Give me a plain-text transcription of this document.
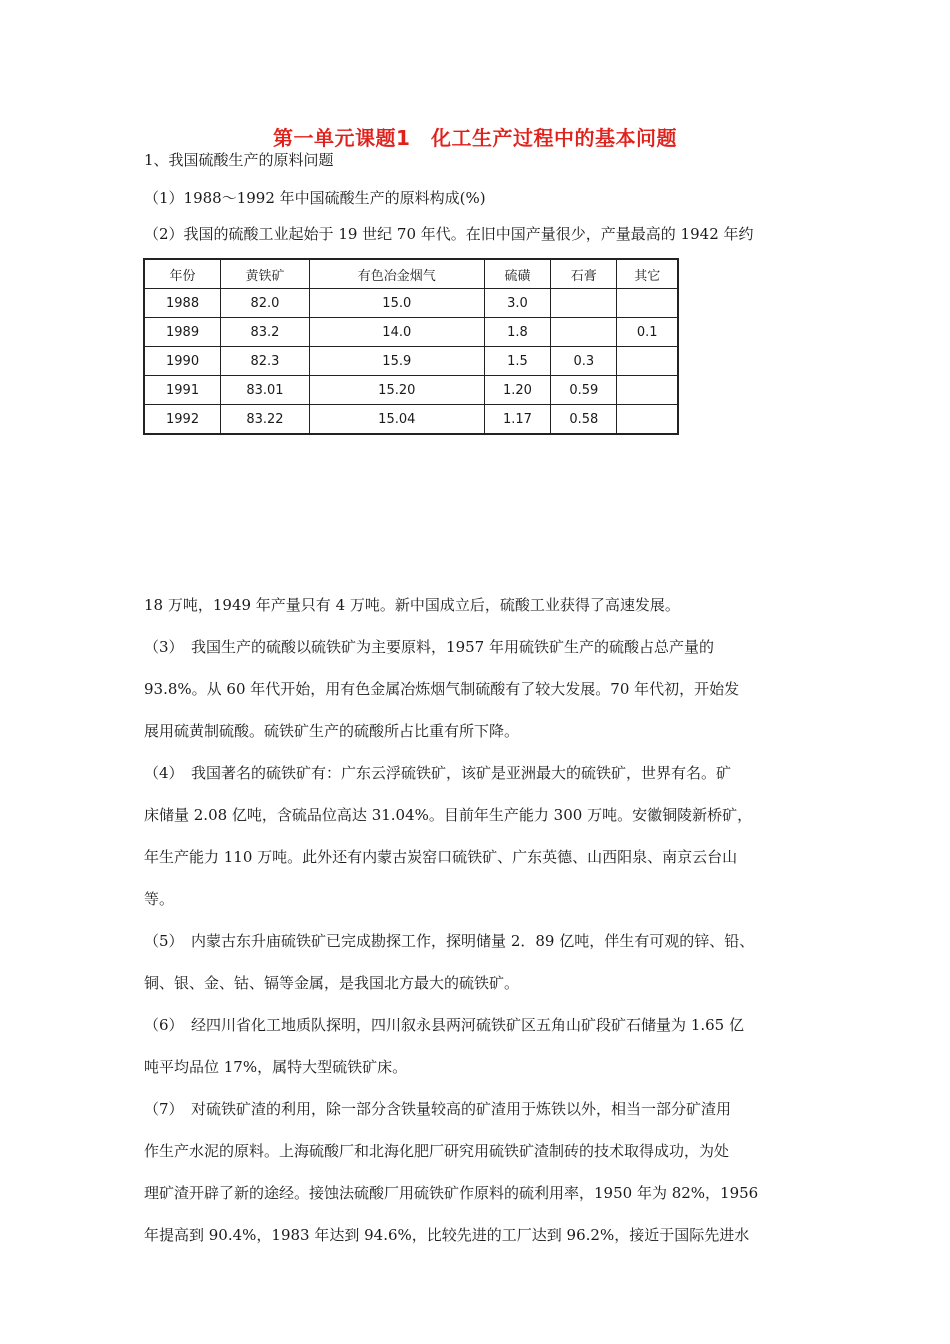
第一单元课题1　化工生产过程中的基本问题
1、我国硫酸生产的原料问题
（1）1988～1992 年中国硫酸生产的原料构成(%)
（2）我国的硫酸工业起始于 19 世纪 70 年代。在旧中国产量很少，产量最高的 1942 年约
年份	黄铁矿	有色冶金烟气	硫磺	石膏	其它
1988	82.0	15.0	3.0		
1989	83.2	14.0	1.8		0.1
1990	82.3	15.9	1.5	0.3	
1991	83.01	15.20	1.20	0.59	
1992	83.22	15.04	1.17	0.58	
18 万吨，1949 年产量只有 4 万吨。新中国成立后，硫酸工业获得了高速发展。
（3）　我国生产的硫酸以硫铁矿为主要原料，1957 年用硫铁矿生产的硫酸占总产量的
93.8%。从 60 年代开始，用有色金属冶炼烟气制硫酸有了较大发展。70 年代初，开始发
展用硫黄制硫酸。硫铁矿生产的硫酸所占比重有所下降。
（4）　我国著名的硫铁矿有：广东云浮硫铁矿，该矿是亚洲最大的硫铁矿，世界有名。矿
床储量 2.08 亿吨，含硫品位高达 31.04%。目前年生产能力 300 万吨。安徽铜陵新桥矿，
年生产能力 110 万吨。此外还有内蒙古炭窑口硫铁矿、广东英德、山西阳泉、南京云台山
等。
（5）　内蒙古东升庙硫铁矿已完成勘探工作，探明储量 2．89 亿吨，伴生有可观的锌、铅、
铜、银、金、钴、镉等金属，是我国北方最大的硫铁矿。
（6）　经四川省化工地质队探明，四川叙永县两河硫铁矿区五角山矿段矿石储量为 1.65 亿
吨平均品位 17%，属特大型硫铁矿床。
（7）　对硫铁矿渣的利用，除一部分含铁量较高的矿渣用于炼铁以外，相当一部分矿渣用
作生产水泥的原料。上海硫酸厂和北海化肥厂研究用硫铁矿渣制砖的技术取得成功，为处
理矿渣开辟了新的途经。接蚀法硫酸厂用硫铁矿作原料的硫利用率，1950 年为 82%，1956
年提高到 90.4%，1983 年达到 94.6%，比较先进的工厂达到 96.2%，接近于国际先进水
